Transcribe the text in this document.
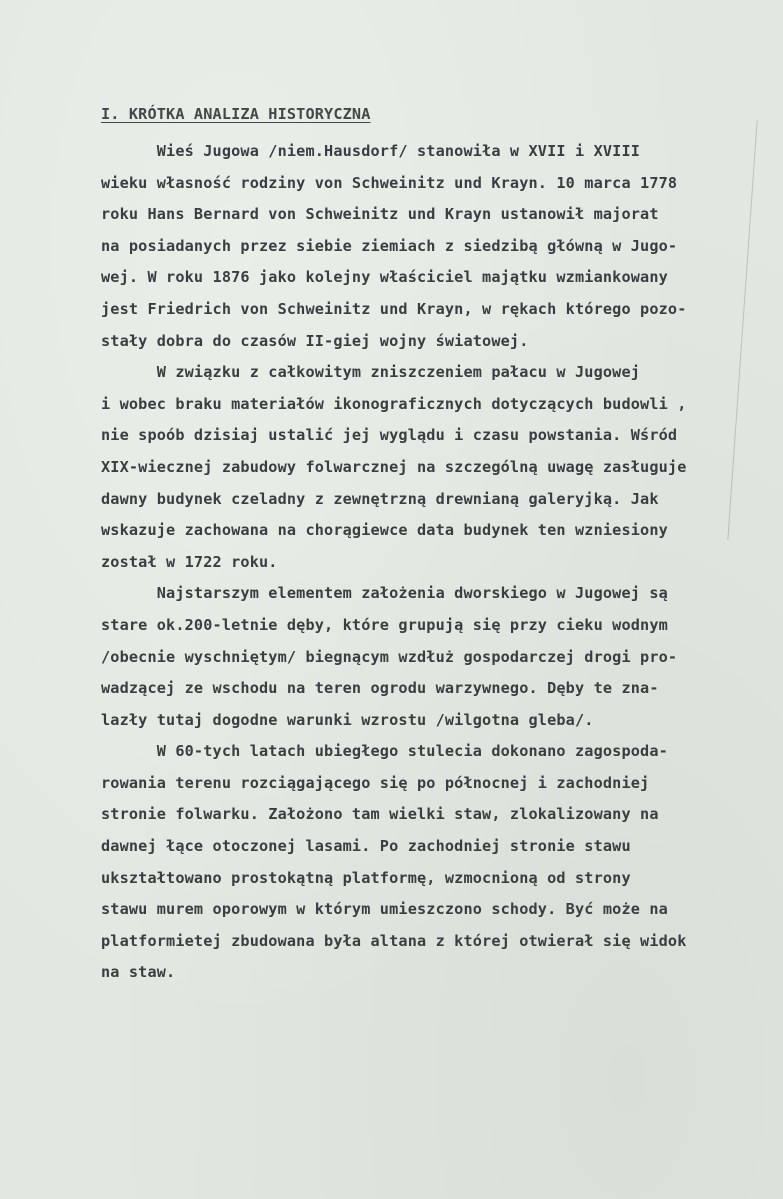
I. KRÓTKA ANALIZA HISTORYCZNA
Wieś Jugowa /niem.Hausdorf/ stanowiła w XVII i XVIII
wieku własność rodziny von Schweinitz und Krayn. 10 marca 1778
roku Hans Bernard von Schweinitz und Krayn ustanowił majorat
na posiadanych przez siebie ziemiach z siedzibą główną w Jugo-
wej. W roku 1876 jako kolejny właściciel majątku wzmiankowany
jest Friedrich von Schweinitz und Krayn, w rękach którego pozo-
stały dobra do czasów II-giej wojny światowej.
W związku z całkowitym zniszczeniem pałacu w Jugowej
i wobec braku materiałów ikonograficznych dotyczących budowli ,
nie spoób dzisiaj ustalić jej wyglądu i czasu powstania. Wśród
XIX-wiecznej zabudowy folwarcznej na szczególną uwagę zasługuje
dawny budynek czeladny z zewnętrzną drewnianą galeryjką. Jak
wskazuje zachowana na chorągiewce data budynek ten wzniesiony
został w 1722 roku.
Najstarszym elementem założenia dworskiego w Jugowej są
stare ok.200-letnie dęby, które grupują się przy cieku wodnym
/obecnie wyschniętym/ biegnącym wzdłuż gospodarczej drogi pro-
wadzącej ze wschodu na teren ogrodu warzywnego. Dęby te zna-
lazły tutaj dogodne warunki wzrostu /wilgotna gleba/.
W 60-tych latach ubiegłego stulecia dokonano zagospoda-
rowania terenu rozciągającego się po północnej i zachodniej
stronie folwarku. Założono tam wielki staw, zlokalizowany na
dawnej łące otoczonej lasami. Po zachodniej stronie stawu
ukształtowano prostokątną platformę, wzmocnioną od strony
stawu murem oporowym w którym umieszczono schody. Być może na
platformietej zbudowana była altana z której otwierał się widok
na staw.
